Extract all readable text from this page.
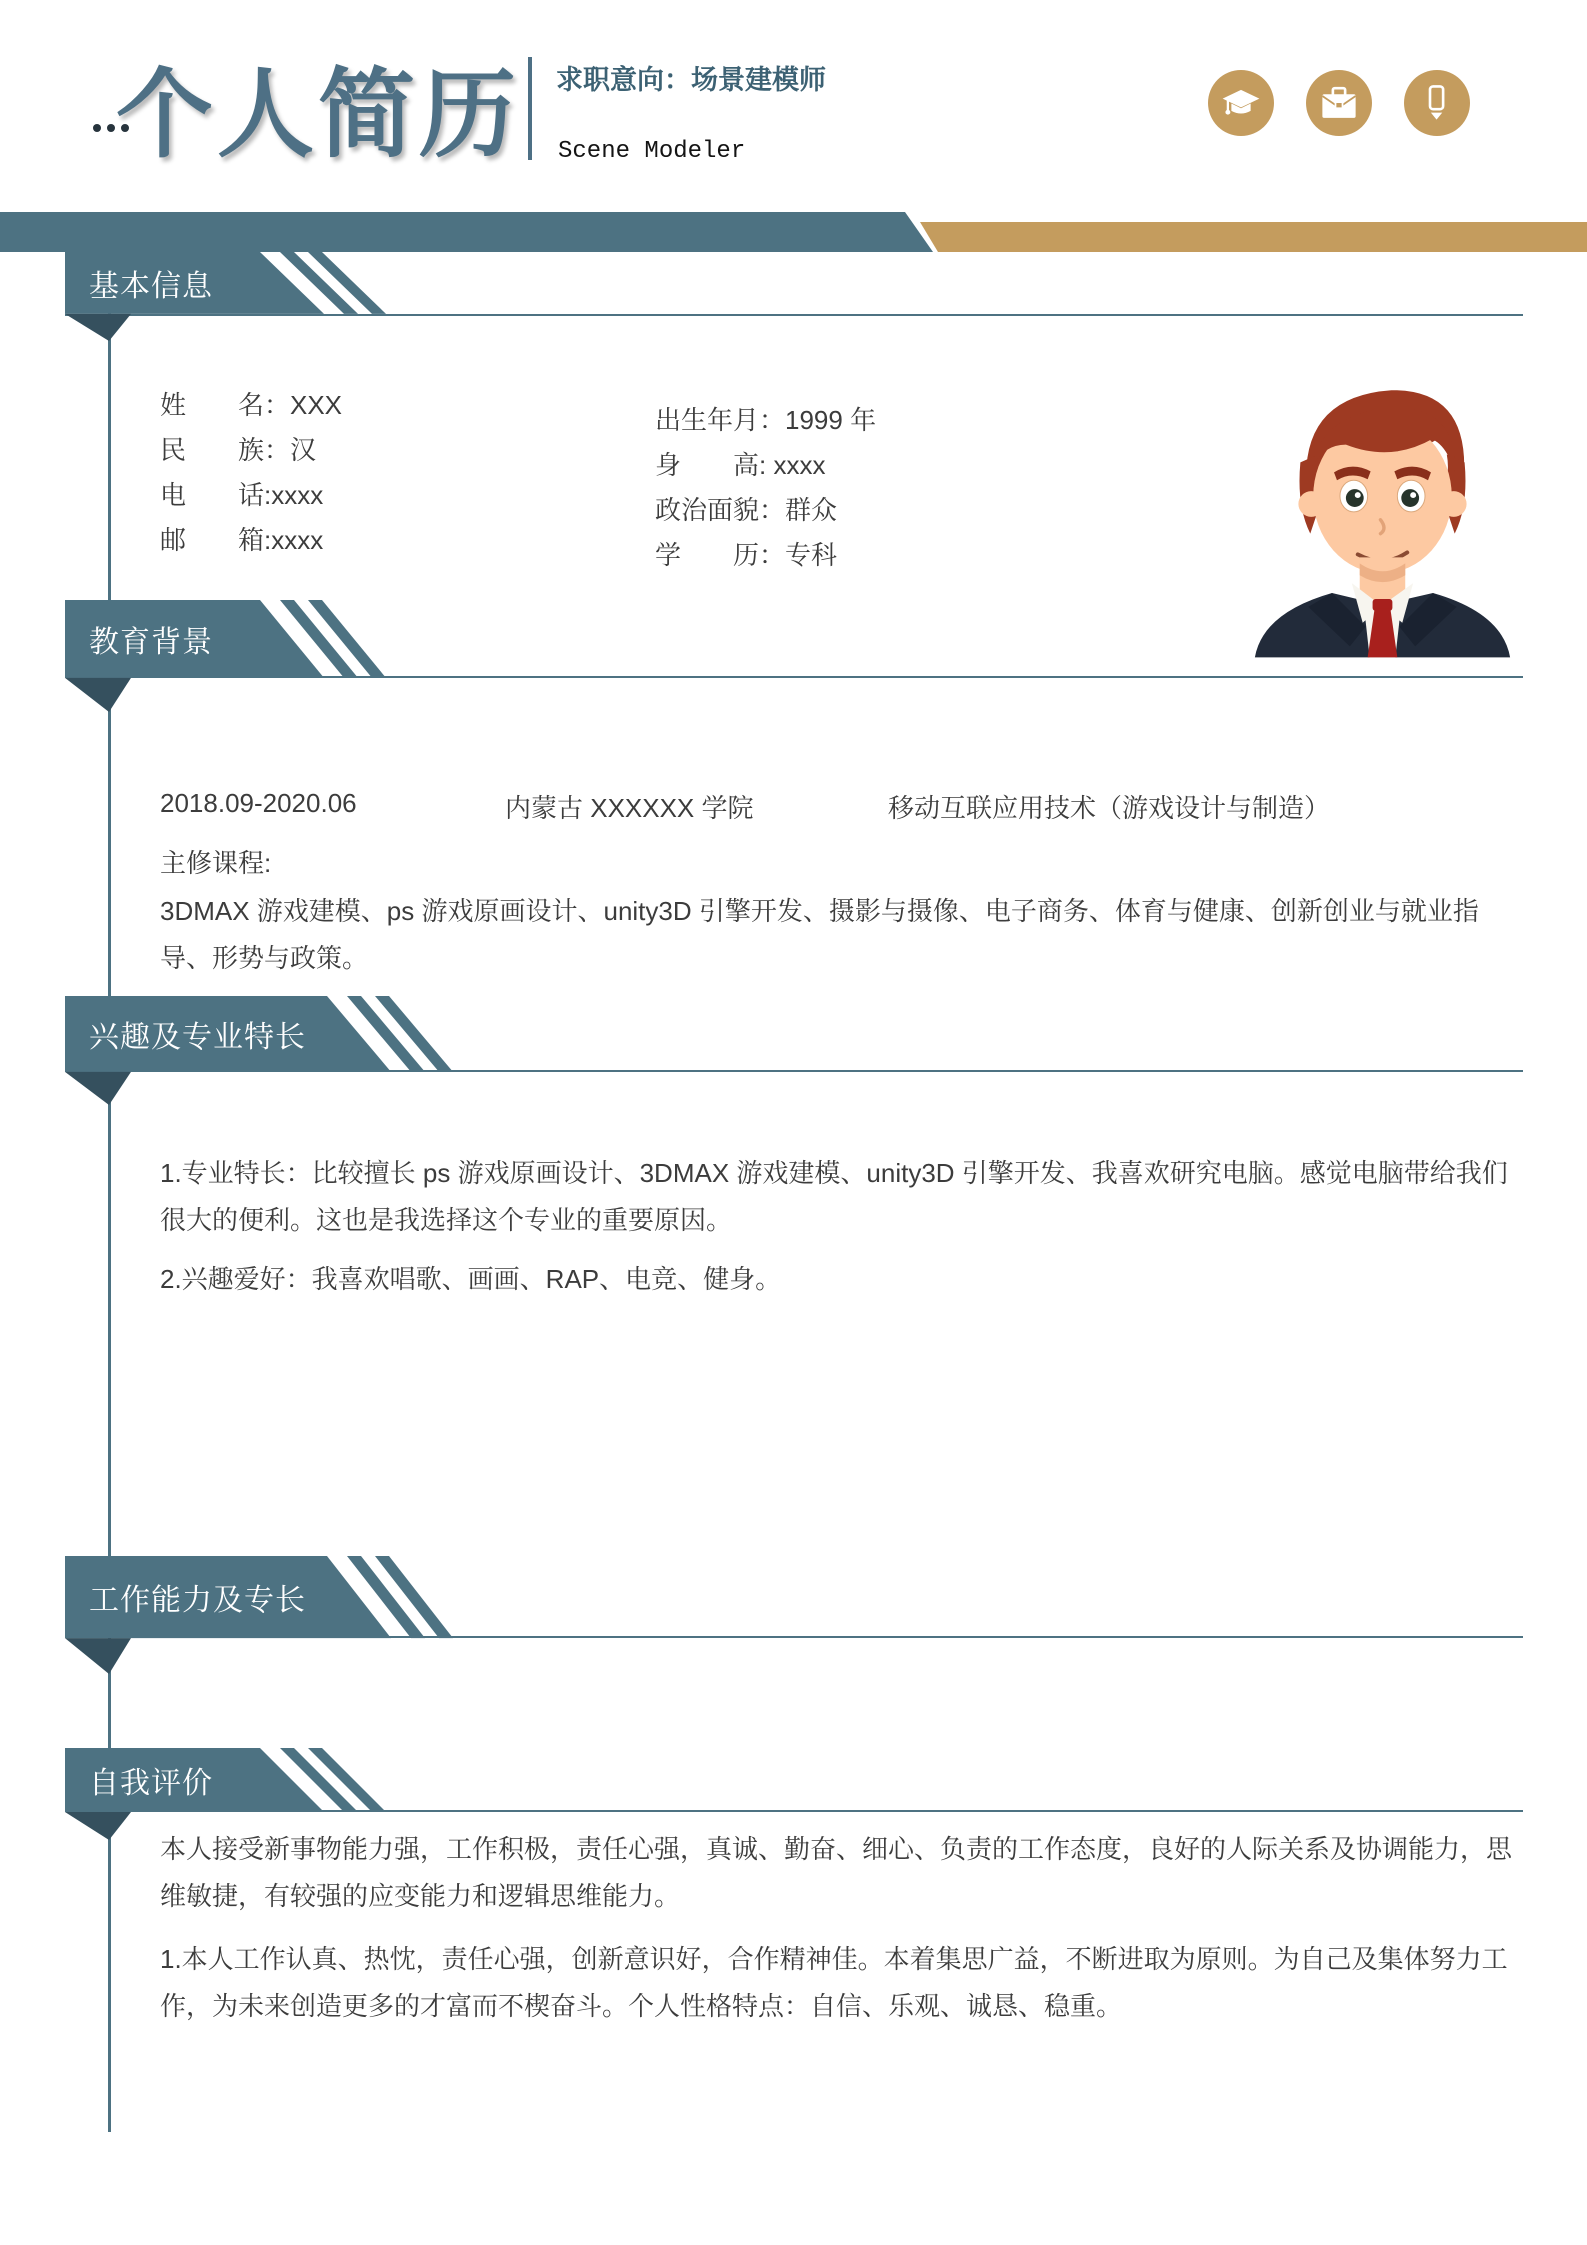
个人简历 求职意向：场景建模师
Scene Modeler
基本信息
姓　　名：XXX
民　　族：汉
电　　话:xxxx
邮　　箱:xxxx
出生年月：1999 年
身　　高: xxxx
政治面貌：群众
学　　历：专科
教育背景
2018.09-2020.06	内蒙古 XXXXXX 学院	移动互联应用技术（游戏设计与制造）
主修课程:

3DMAX 游戏建模、ps 游戏原画设计、unity3D 引擎开发、摄影与摄像、电子商务、体育与健康、创新创业与就业指导、形势与政策。

兴趣及专业特长

1.专业特长：比较擅长 ps 游戏原画设计、3DMAX 游戏建模、unity3D 引擎开发、我喜欢研究电脑。感觉电脑带给我们很大的便利。这也是我选择这个专业的重要原因。

2.兴趣爱好：我喜欢唱歌、画画、RAP、电竞、健身。

工作能力及专长
自我评价

本人接受新事物能力强，工作积极，责任心强，真诚、勤奋、细心、负责的工作态度，良好的人际关系及协调能力，思维敏捷，有较强的应变能力和逻辑思维能力。

1.本人工作认真、热忱，责任心强，创新意识好，合作精神佳。本着集思广益，不断进取为原则。为自己及集体努力工作，为未来创造更多的才富而不楔奋斗。个人性格特点：自信、乐观、诚恳、稳重。
